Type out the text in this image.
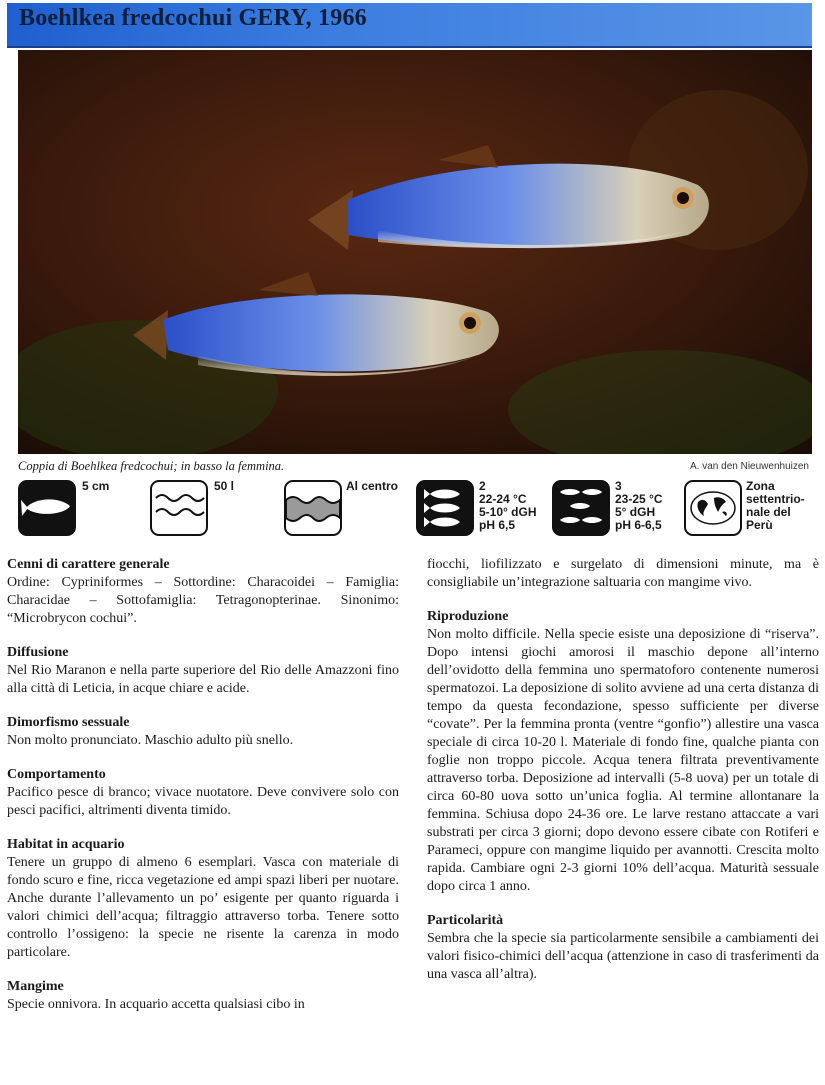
Boehlkea fredcochui GERY, 1966
Coppia di Boehlkea fredcochui; in basso la femmina.	A. van den Nieuwenhuizen
5 cm	50 l	Al centro	2
22-24 °C
5-10° dGH
pH 6,5
3
23-25 °C
5° dGH
pH 6-6,5
Zona
settentrio-
nale del
Perù
Cenni di carattere generale

Ordine: Cypriniformes – Sottordine: Characoidei – Famiglia: Characidae – Sottofamiglia: Tetragonopterinae. Sinonimo: “Microbrycon cochui”.

Diffusione

Nel Rio Maranon e nella parte superiore del Rio delle Amazzoni fino alla città di Leticia, in acque chiare e acide.

Dimorfismo sessuale

Non molto pronunciato. Maschio adulto più snello.

Comportamento

Pacifico pesce di branco; vivace nuotatore. Deve convivere solo con pesci pacifici, altrimenti diventa timido.

Habitat in acquario

Tenere un gruppo di almeno 6 esemplari. Vasca con materiale di fondo scuro e fine, ricca vegetazione ed ampi spazi liberi per nuotare. Anche durante l’allevamento un po’ esigente per quanto riguarda i valori chimici dell’acqua; filtraggio attraverso torba. Tenere sotto controllo l’ossigeno: la specie ne risente la carenza in modo particolare.

Mangime

Specie onnivora. In acquario accetta qualsiasi cibo in

fiocchi, liofilizzato e surgelato di dimensioni minute, ma è consigliabile un’integrazione saltuaria con mangime vivo.

Riproduzione

Non molto difficile. Nella specie esiste una deposizione di “riserva”. Dopo intensi giochi amorosi il maschio depone all’interno dell’ovidotto della femmina uno spermatoforo contenente numerosi spermatozoi. La deposizione di solito avviene ad una certa distanza di tempo da questa fecondazione, spesso sufficiente per diverse “covate”. Per la femmina pronta (ventre “gonfio”) allestire una vasca speciale di circa 10-20 l. Materiale di fondo fine, qualche pianta con foglie non troppo piccole. Acqua tenera filtrata preventivamente attraverso torba. Deposizione ad intervalli (5-8 uova) per un totale di circa 60-80 uova sotto un’unica foglia. Al termine allontanare la femmina. Schiusa dopo 24-36 ore. Le larve restano attaccate a vari substrati per circa 3 giorni; dopo devono essere cibate con Rotiferi e Parameci, oppure con mangime liquido per avannotti. Crescita molto rapida. Cambiare ogni 2-3 giorni 10% dell’acqua. Maturità sessuale dopo circa 1 anno.

Particolarità

Sembra che la specie sia particolarmente sensibile a cambiamenti dei valori fisico-chimici dell’acqua (attenzione in caso di trasferimenti da una vasca all’altra).
